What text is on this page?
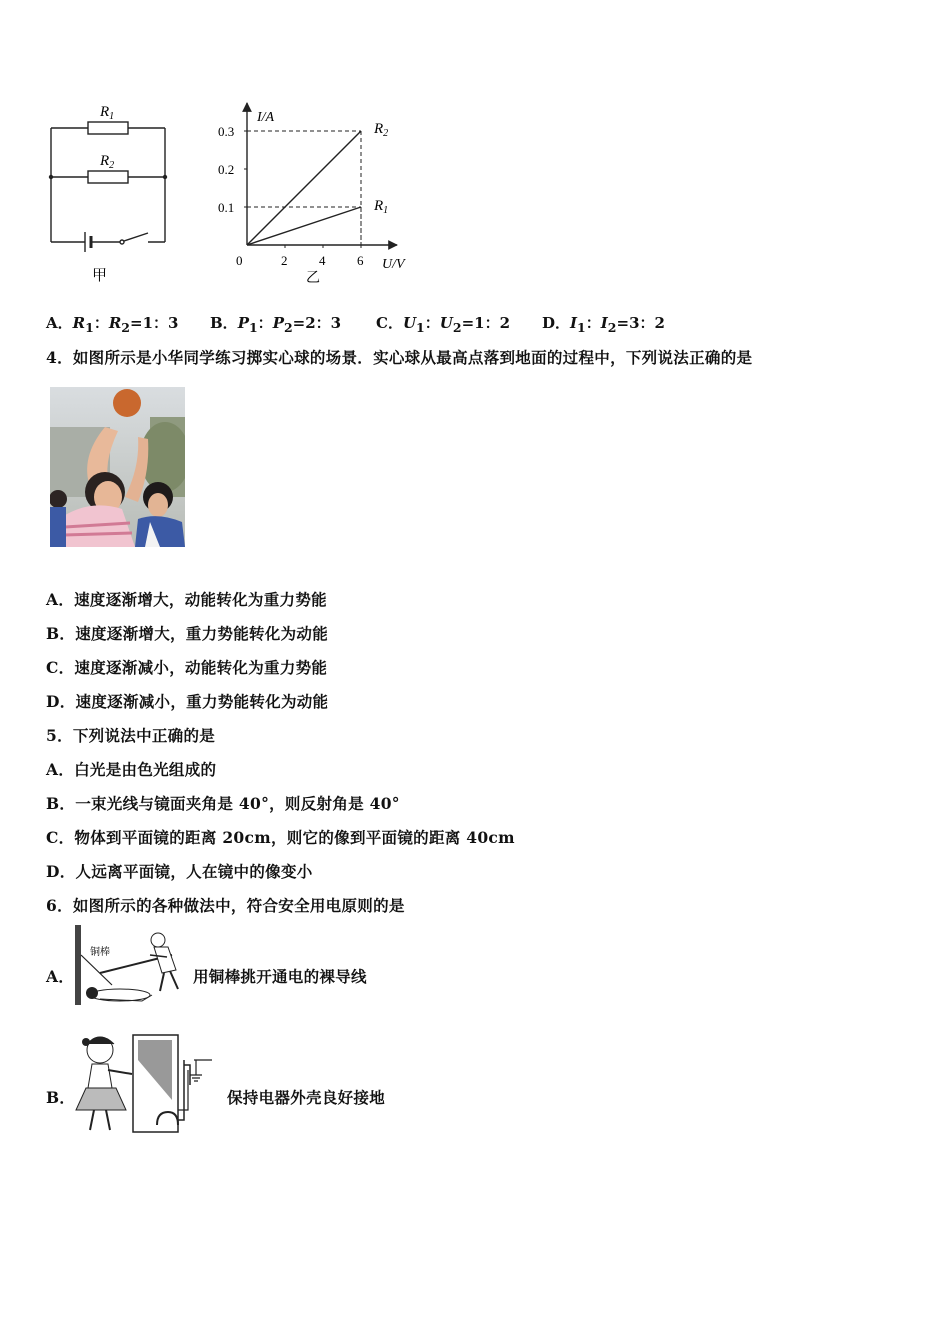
$R_1$
$R_2$
甲
I/A
U/V
0
乙
0.1
0.2
0.3
2 4 6
$R_2$
$R_1$
A．$R_1$：$R_2=1$：3 B．$P_1$：$P_2=2$：3 C．$U_1$：$U_2=1$：2 D．$I_1$：$I_2=3$：2
4．如图所示是小华同学练习掷实心球的场景．实心球从最高点落到地面的过程中，下列说法正确的是
A．速度逐渐增大，动能转化为重力势能
B．速度逐渐增大，重力势能转化为动能
C．速度逐渐减小，动能转化为重力势能
D．速度逐渐减小，重力势能转化为动能
5．下列说法中正确的是
A．白光是由色光组成的
B．一束光线与镜面夹角是 40°，则反射角是 40°
C．物体到平面镜的距离 20cm，则它的像到平面镜的距离 40cm
D．人远离平面镜，人在镜中的像变小
6．如图所示的各种做法中，符合安全用电原则的是
A．
铜棒
用铜棒挑开通电的裸导线
B．	保持电器外壳良好接地
